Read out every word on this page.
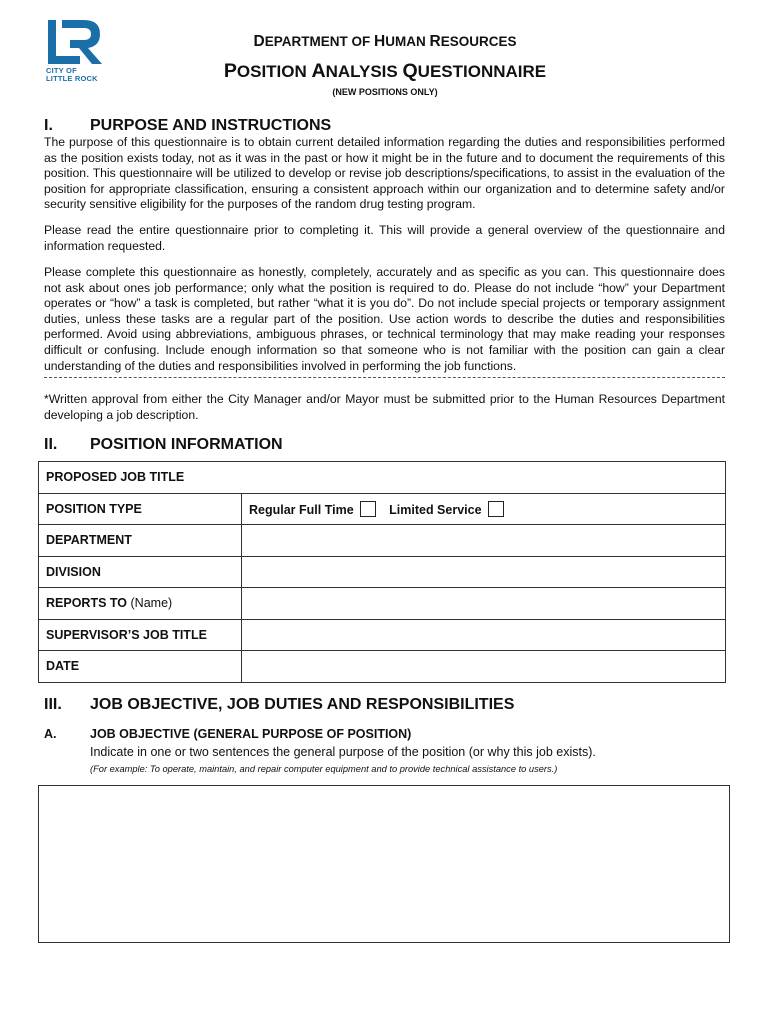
CITY OF
LITTLE ROCK
DEPARTMENT OF HUMAN RESOURCES
POSITION ANALYSIS QUESTIONNAIRE
(NEW POSITIONS ONLY)
I. PURPOSE AND INSTRUCTIONS

The purpose of this questionnaire is to obtain current detailed information regarding the duties and responsibilities performed as the position exists today, not as it was in the past or how it might be in the future and to document the requirements of this position. This questionnaire will be utilized to develop or revise job descriptions/specifications, to assist in the evaluation of the position for appropriate classification, ensuring a consistent approach within our organization and to determine safety and/or security sensitive eligibility for the purposes of the random drug testing program.

Please read the entire questionnaire prior to completing it. This will provide a general overview of the questionnaire and information requested.

Please complete this questionnaire as honestly, completely, accurately and as specific as you can. This questionnaire does not ask about ones job performance; only what the position is required to do. Please do not include “how” your Department operates or “how” a task is completed, but rather “what it is you do”. Do not include special projects or temporary assignment duties, unless these tasks are a regular part of the position. Use action words to describe the duties and responsibilities performed. Avoid using abbreviations, ambiguous phrases, or technical terminology that may make reading your responses difficult or confusing. Include enough information so that someone who is not familiar with the position can gain a clear understanding of the duties and responsibilities involved in performing the job functions.

*Written approval from either the City Manager and/or Mayor must be submitted prior to the Human Resources Department developing a job description.

II. POSITION INFORMATION
PROPOSED JOB TITLE	
POSITION TYPE	Regular Full Time Limited Service
DEPARTMENT	
DIVISION	
REPORTS TO (Name)	
SUPERVISOR’S JOB TITLE	
DATE	
III. JOB OBJECTIVE, JOB DUTIES AND RESPONSIBILITIES
A.	JOB OBJECTIVE (GENERAL PURPOSE OF POSITION)
Indicate in one or two sentences the general purpose of the position (or why this job exists).
(For example: To operate, maintain, and repair computer equipment and to provide technical assistance to users.)
